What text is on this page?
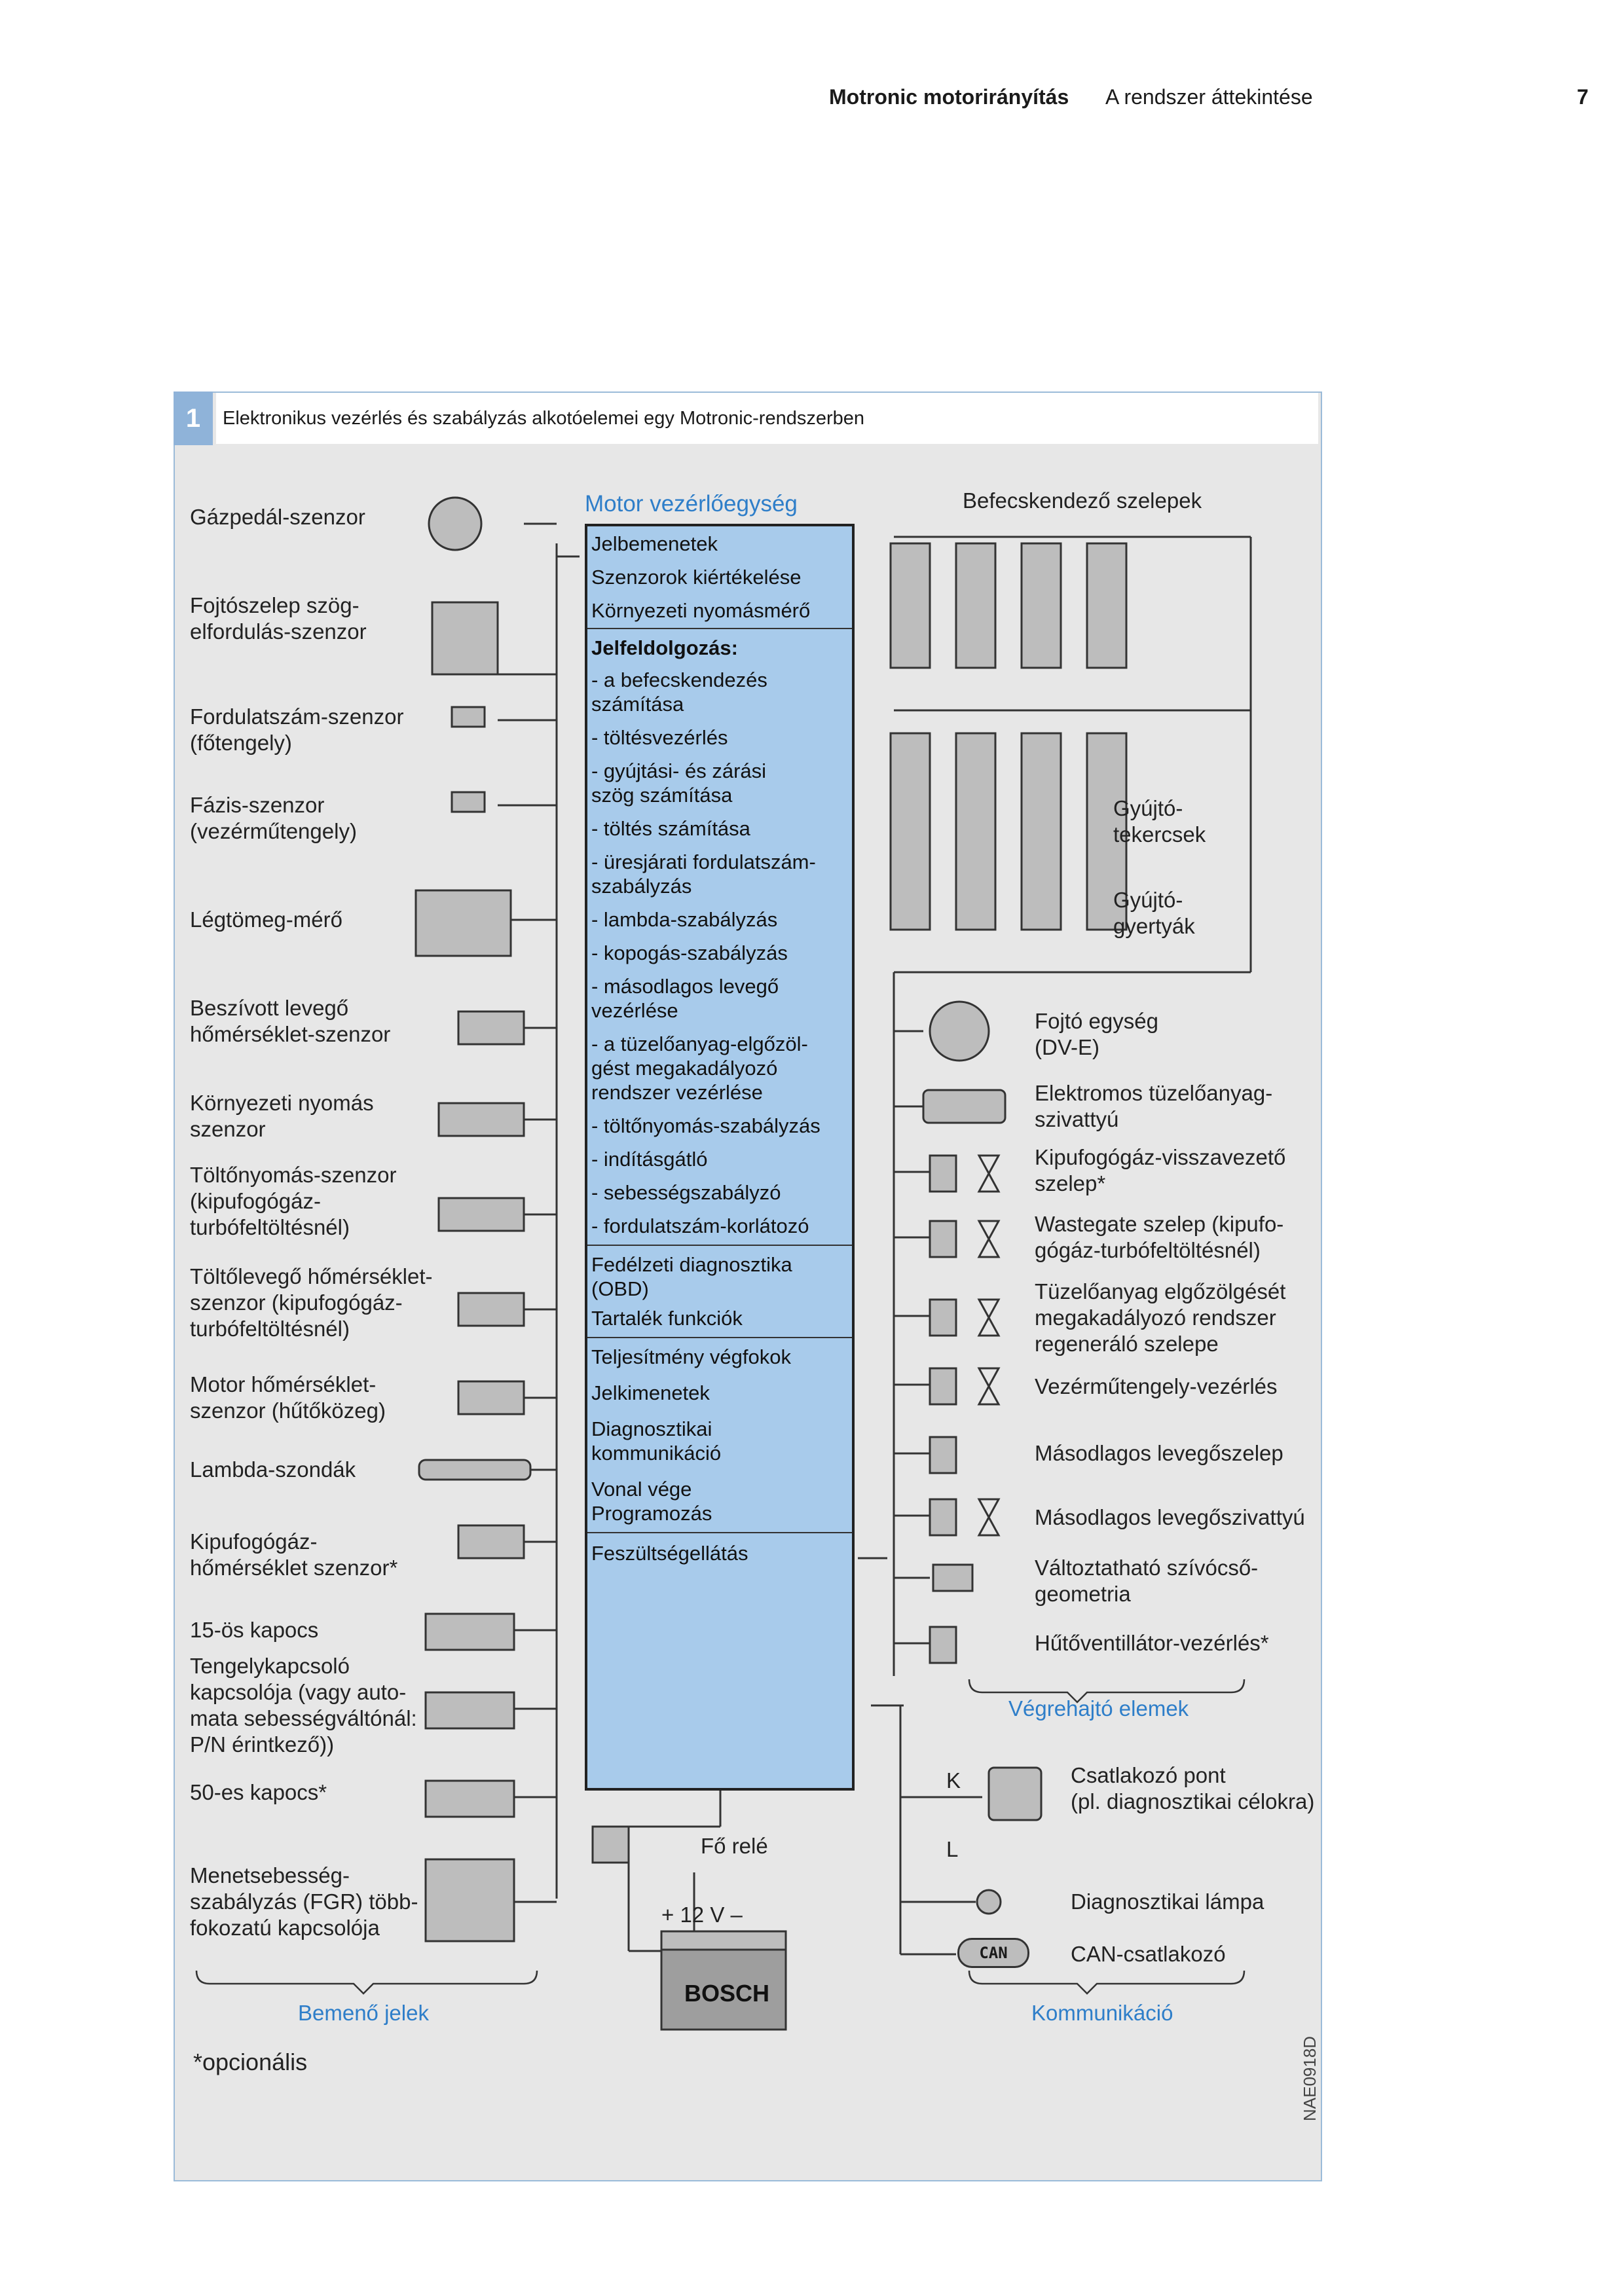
Motronic motorirányítás A rendszer áttekintése	7
1	Elektronikus vezérlés és szabályzás alkotóelemei egy Motronic-rendszerben
Gázpedál-szenzor
Fojtószelep szög-
elfordulás-szenzor
Fordulatszám-szenzor
(főtengely)
Fázis-szenzor
(vezérműtengely)
Légtömeg-mérő
Beszívott levegő
hőmérséklet-szenzor
Környezeti nyomás
szenzor
Töltőnyomás-szenzor
(kipufogógáz-
turbófeltöltésnél)
Töltőlevegő hőmérséklet-
szenzor (kipufogógáz-
turbófeltöltésnél)
Motor hőmérséklet-
szenzor (hűtőközeg)
Lambda-szondák
Kipufogógáz-
hőmérséklet szenzor*
15-ös kapocs
Tengelykapcsoló
kapcsolója (vagy auto-
mata sebességváltónál:
P/N érintkező))
50-es kapocs*
Menetsebesség-
szabályzás (FGR) több-
fokozatú kapcsolója
Bemenő jelek
*opcionális
Motor vezérlőegység
Jelbemenetek
Szenzorok kiértékelése
Környezeti nyomásmérő
Jelfeldolgozás:
- a befecskendezés
számítása
- töltésvezérlés
- gyújtási- és zárási
szög számítása
- töltés számítása
- üresjárati fordulatszám-
szabályzás
- lambda-szabályzás
- kopogás-szabályzás
- másodlagos levegő
vezérlése
- a tüzelőanyag-elgőzöl-
gést megakadályozó
rendszer vezérlése
- töltőnyomás-szabályzás
- indításgátló
- sebességszabályzó
- fordulatszám-korlátozó
Fedélzeti diagnosztika
(OBD)
Tartalék funkciók
Teljesítmény végfokok
Jelkimenetek
Diagnosztikai
kommunikáció
Vonal vége
Programozás
Feszültségellátás
Fő relé
+ 12 V –
BOSCH
Befecskendező szelepek
Gyújtó-
tekercsek
Gyújtó-
gyertyák
Fojtó egység
(DV-E)
Elektromos tüzelőanyag-
szivattyú
Kipufogógáz-visszavezető
szelep*
Wastegate szelep (kipufo-
gógáz-turbófeltöltésnél)
Tüzelőanyag elgőzölgését
megakadályozó rendszer
regeneráló szelepe
Vezérműtengely-vezérlés
Másodlagos levegőszelep
Másodlagos levegőszivattyú
Változtatható szívócső-
geometria
Hűtőventillátor-vezérlés*
Végrehajtó elemek
K
L
Csatlakozó pont
(pl. diagnosztikai célokra)
Diagnosztikai lámpa
CAN	CAN-csatlakozó
Kommunikáció
NAE0918D
